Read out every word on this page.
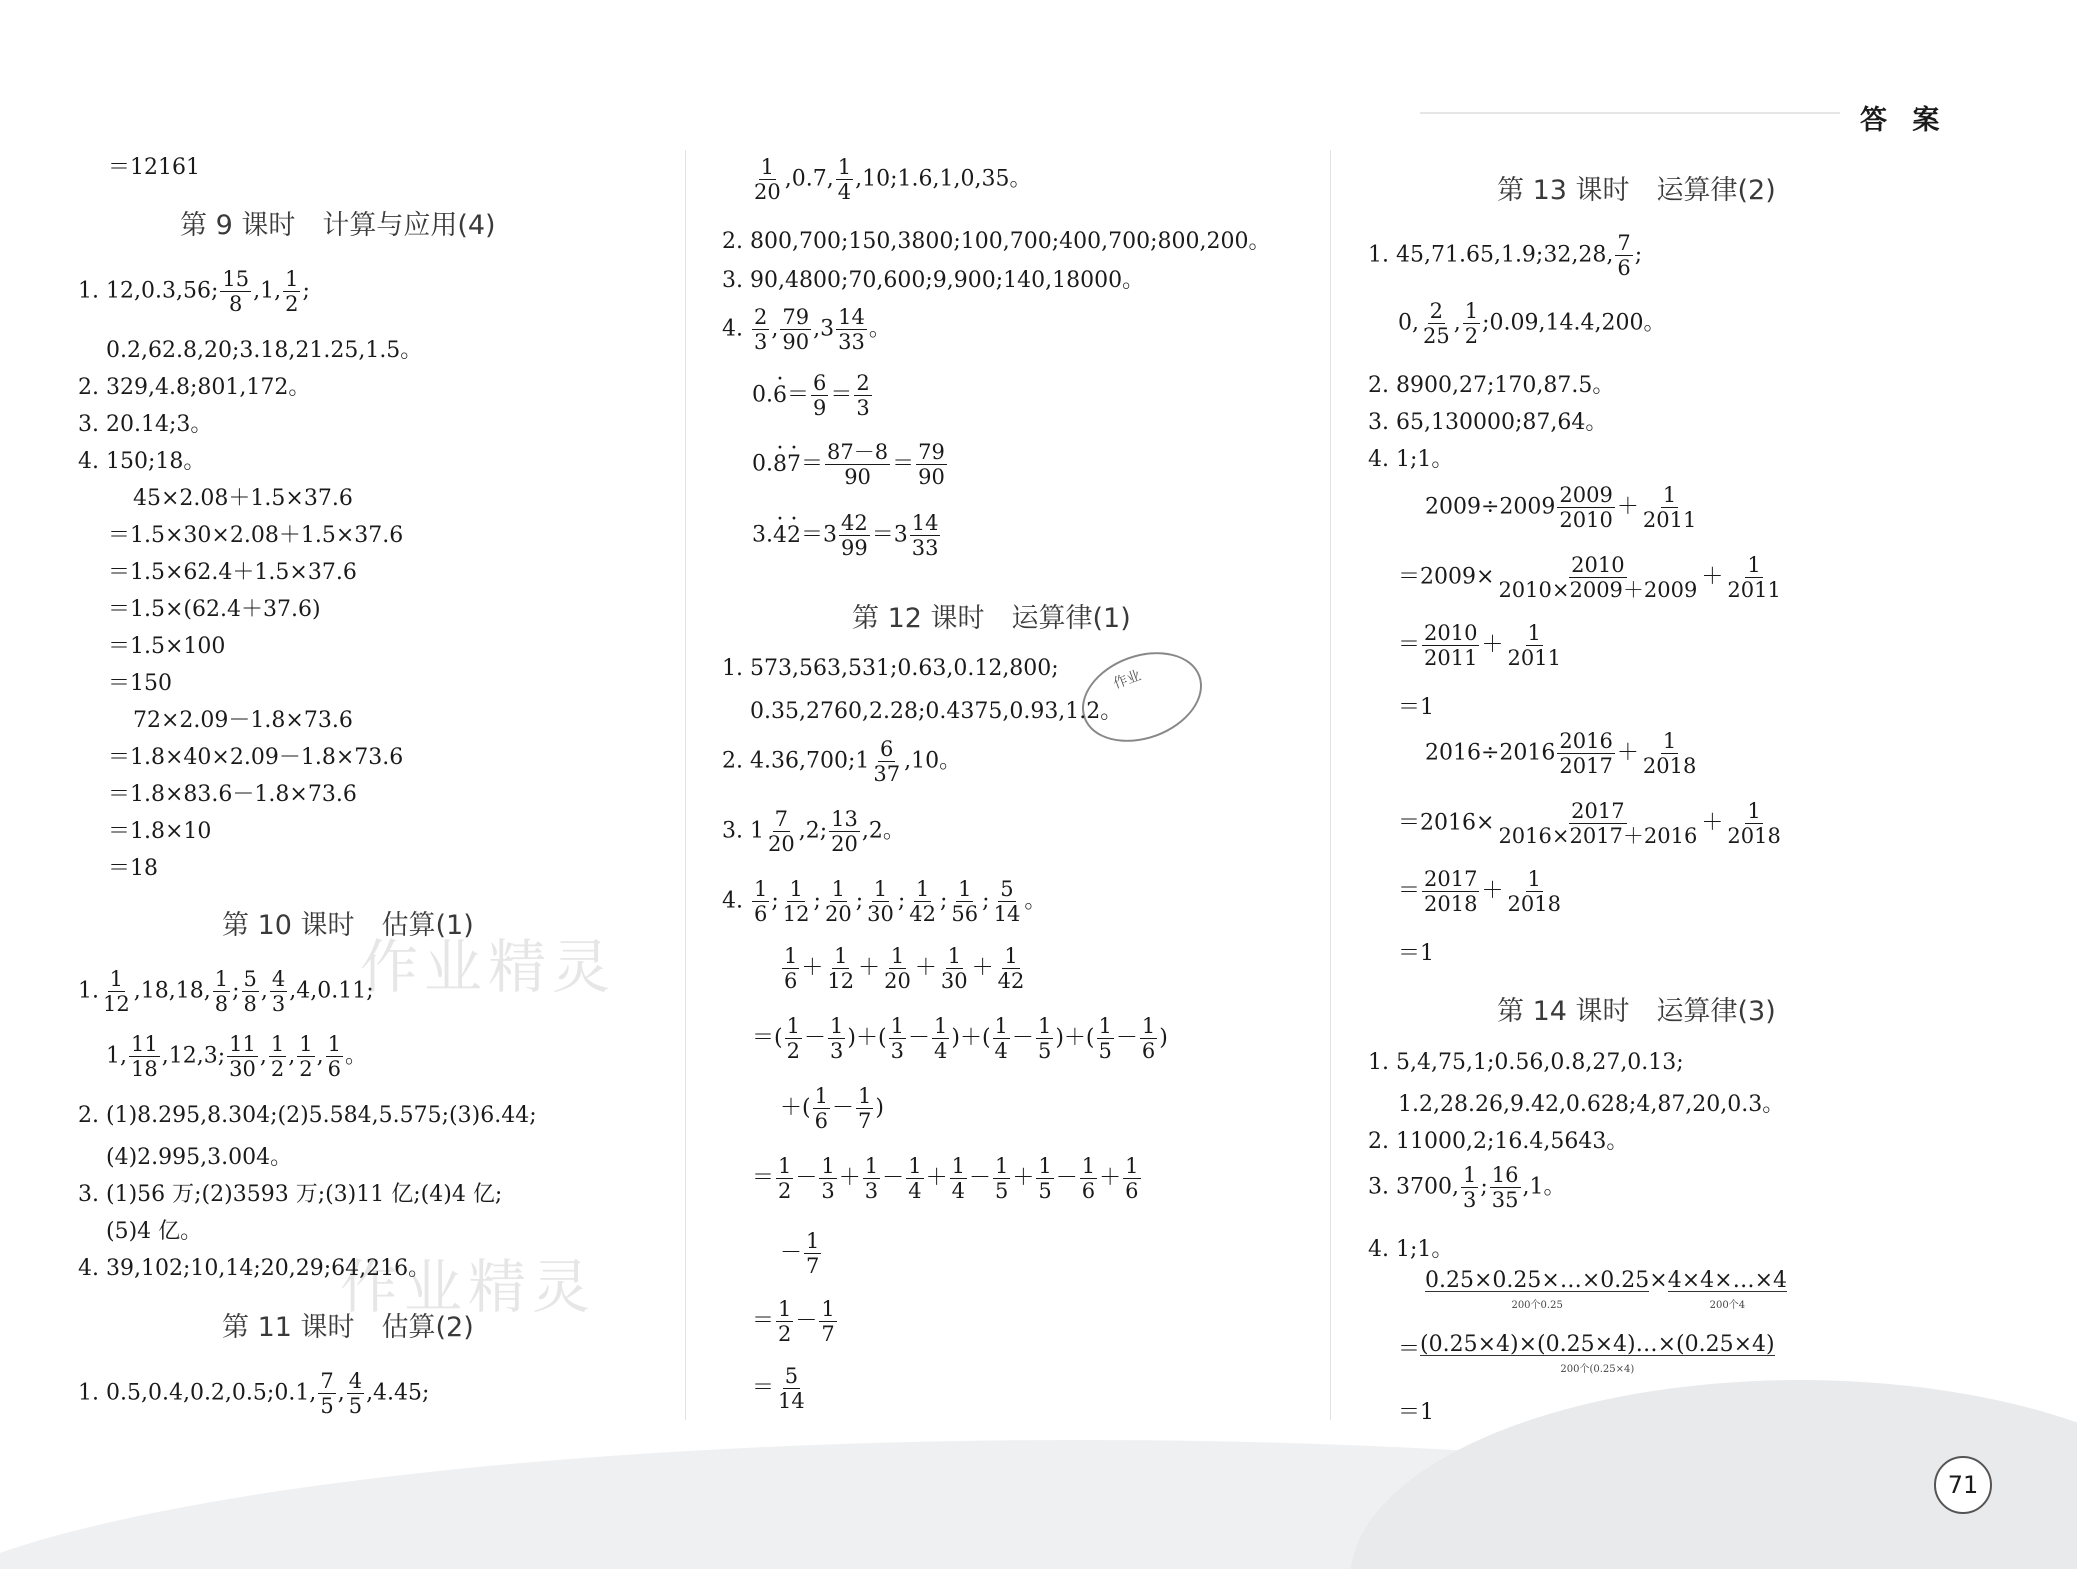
答 案
71
作业精灵
作业精灵
作业
＝12161
第 9 课时　计算与应用(4)
1. 12,0.3,56; $\frac{15}{8} ,1$, $\frac{1}{2}$ ;
0.2,62.8,20;3.18,21.25,1.5。
2. 329,4.8;801,172。
3. 20.14;3。
4. 150;18。
45×2.08＋1.5×37.6
＝1.5×30×2.08＋1.5×37.6
＝1.5×62.4＋1.5×37.6
＝1.5×(62.4＋37.6)
＝1.5×100
＝150
72×2.09－1.8×73.6
＝1.8×40×2.09－1.8×73.6
＝1.8×83.6－1.8×73.6
＝1.8×10
＝18
第 10 课时　估算(1)
1. $\frac{1}{12} ,18,18$, $\frac{1}{8}$ ; $\frac{5}{8}$ , $\frac{4}{3} ,4,0.11$;
1, $\frac{11}{18} ,12,3$; $\frac{11}{30}$ , $\frac{1}{2}$ , $\frac{1}{2}$ , $\frac{1}{6}$ 。
2. (1)8.295,8.304;(2)5.584,5.575;(3)6.44;
(4)2.995,3.004。
3. (1)56 万;(2)3593 万;(3)11 亿;(4)4 亿;
(5)4 亿。
4. 39,102;10,14;20,29;64,216。
第 11 课时　估算(2)
1. 0.5,0.4,0.2,0.5;0.1, $\frac{7}{5}$ , $\frac{4}{5} ,4.45$;
$\frac{1}{20} ,0.7$, $\frac{1}{4}$ ,10;1.6,1,0,35。
2. 800,700;150,3800;100,700;400,700;800,200。
3. 90,4800;70,600;9,900;140,18000。
4. $\frac{2}{3}$ , $\frac{79}{90} ,3 \frac{14}{33}$ 。
$0.6 \cdot= \frac{6}{9} = \frac{2}{3}$
$0.8 \cdot 7 \cdot= \frac{87-8}{90} = \frac{79}{90}$
$3.4 \cdot 2 \cdot=3 \frac{42}{99} =3 \frac{14}{33}$
第 12 课时　运算律(1)
1. 573,563,531;0.63,0.12,800;
0.35,2760,2.28;0.4375,0.93,1.2。
2. 4.36,700;1 $\frac{6}{37} ,10$。
3. $1 \frac{7}{20} ,2$; $\frac{13}{20} ,2$。
4. $\frac{1}{6}$ ; $\frac{1}{12}$ ; $\frac{1}{20}$ ; $\frac{1}{30}$ ; $\frac{1}{42}$ ; $\frac{1}{56}$ ; $\frac{5}{14}$ 。
$\frac{1}{6} + \frac{1}{12} + \frac{1}{20} + \frac{1}{30} + \frac{1}{42}$
＝( $\frac{1}{2} - \frac{1}{3}$ )＋( $\frac{1}{3} - \frac{1}{4}$ )＋( $\frac{1}{4} - \frac{1}{5}$ )＋( $\frac{1}{5} - \frac{1}{6}$ )
＋( $\frac{1}{6} - \frac{1}{7}$ )
＝ $\frac{1}{2} - \frac{1}{3} + \frac{1}{3} - \frac{1}{4} + \frac{1}{4} - \frac{1}{5} + \frac{1}{5} - \frac{1}{6} + \frac{1}{6}$
－ $\frac{1}{7}$
＝ $\frac{1}{2} - \frac{1}{7}$
＝ $\frac{5}{14}$
第 13 课时　运算律(2)
1. 45,71.65,1.9;32,28, $\frac{7}{6}$ ;
0, $\frac{2}{25}$ , $\frac{1}{2}$ ;0.09,14.4,200。
2. 8900,27;170,87.5。
3. 65,130000;87,64。
4. 1;1。
$2009\div 2009 \frac{2009}{2010} + \frac{1}{2011}$
$=2009\times \frac{2010}{2010\times 2009+2009} + \frac{1}{2011}$
＝ $\frac{2010}{2011} + \frac{1}{2011}$
＝1
$2016\div 2016 \frac{2016}{2017} + \frac{1}{2018}$
$=2016\times \frac{2017}{2016\times 2017+2016} + \frac{1}{2018}$
＝ $\frac{2017}{2018} + \frac{1}{2018}$
＝1
第 14 课时　运算律(3)
1. 5,4,75,1;0.56,0.8,27,0.13;
1.2,28.26,9.42,0.628;4,87,20,0.3。
2. 11000,2;16.4,5643。
3. 3700, $\frac{1}{3}$ ; $\frac{16}{35} ,1$。
4. 1;1。
0.25×0.25×…×0.25
200个0.25
× 4×4×…×4
200个4
＝ (0.25×4)×(0.25×4)…×(0.25×4)
200个(0.25×4)
＝1
